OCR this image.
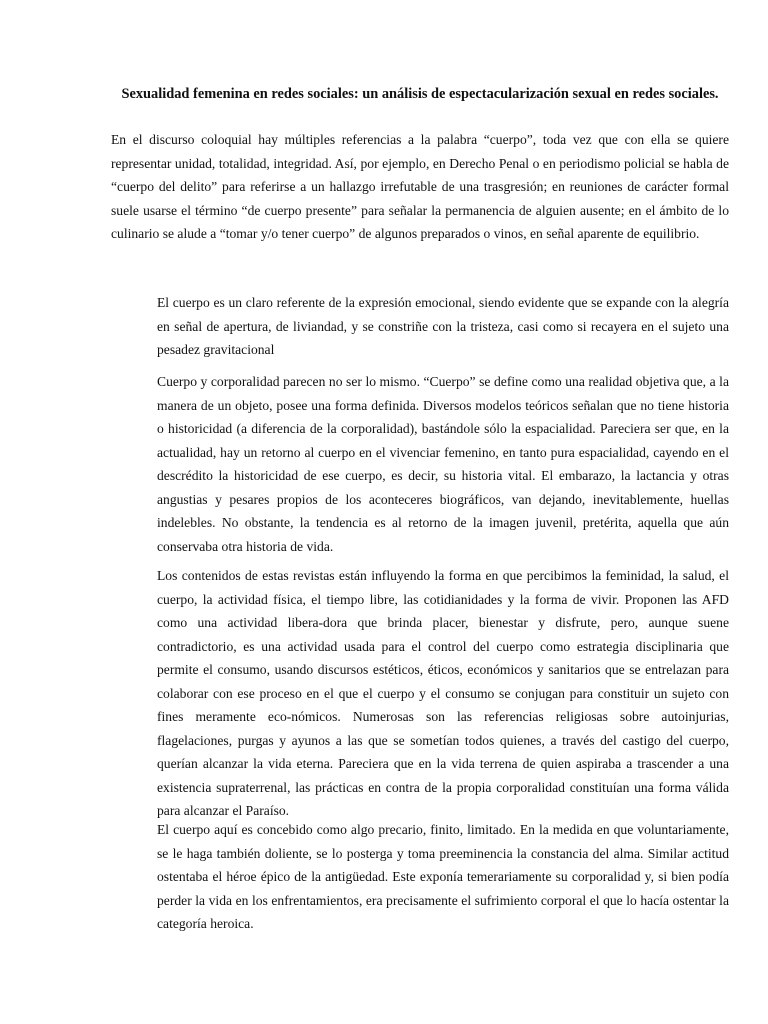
Sexualidad femenina en redes sociales: un análisis de espectacularización sexual en redes sociales.

En el discurso coloquial hay múltiples referencias a la palabra “cuerpo”, toda vez que con ella se quiere representar unidad, totalidad, integridad. Así, por ejemplo, en Derecho Penal o en periodismo policial se habla de “cuerpo del delito” para referirse a un hallazgo irrefutable de una trasgresión; en reuniones de carácter formal suele usarse el término “de cuerpo presente” para señalar la permanencia de alguien ausente; en el ámbito de lo culinario se alude a “tomar y/o tener cuerpo” de algunos preparados o vinos, en señal aparente de equilibrio.

El cuerpo es un claro referente de la expresión emocional, siendo evidente que se expande con la alegría en señal de apertura, de liviandad, y se constriñe con la tristeza, casi como si recayera en el sujeto una pesadez gravitacional

Cuerpo y corporalidad parecen no ser lo mismo. “Cuerpo” se define como una realidad objetiva que, a la manera de un objeto, posee una forma definida. Diversos modelos teóricos señalan que no tiene historia o historicidad (a diferencia de la corporalidad), bastándole sólo la espacialidad. Pareciera ser que, en la actualidad, hay un retorno al cuerpo en el vivenciar femenino, en tanto pura espacialidad, cayendo en el descrédito la historicidad de ese cuerpo, es decir, su historia vital. El embarazo, la lactancia y otras angustias y pesares propios de los aconteceres biográficos, van dejando, inevitablemente, huellas indelebles. No obstante, la tendencia es al retorno de la imagen juvenil, pretérita, aquella que aún conservaba otra historia de vida.

Los contenidos de estas revistas están influyendo la forma en que percibimos la feminidad, la salud, el cuerpo, la actividad física, el tiempo libre, las cotidianidades y la forma de vivir. Proponen las AFD como una actividad libera-dora que brinda placer, bienestar y disfrute, pero, aunque suene contradictorio, es una actividad usada para el control del cuerpo como estrategia disciplinaria que permite el consumo, usando discursos estéticos, éticos, económicos y sanitarios que se entrelazan para colaborar con ese proceso en el que el cuerpo y el consumo se conjugan para constituir un sujeto con fines meramente eco-nómicos. Numerosas son las referencias religiosas sobre autoinjurias, flagelaciones, purgas y ayunos a las que se sometían todos quienes, a través del castigo del cuerpo, querían alcanzar la vida eterna. Pareciera que en la vida terrena de quien aspiraba a trascender a una existencia supraterrenal, las prácticas en contra de la propia corporalidad constituían una forma válida para alcanzar el Paraíso.

El cuerpo aquí es concebido como algo precario, finito, limitado. En la medida en que voluntariamente, se le haga también doliente, se lo posterga y toma preeminencia la constancia del alma. Similar actitud ostentaba el héroe épico de la antigüedad. Este exponía temerariamente su corporalidad y, si bien podía perder la vida en los enfrentamientos, era precisamente el sufrimiento corporal el que lo hacía ostentar la categoría heroica.
